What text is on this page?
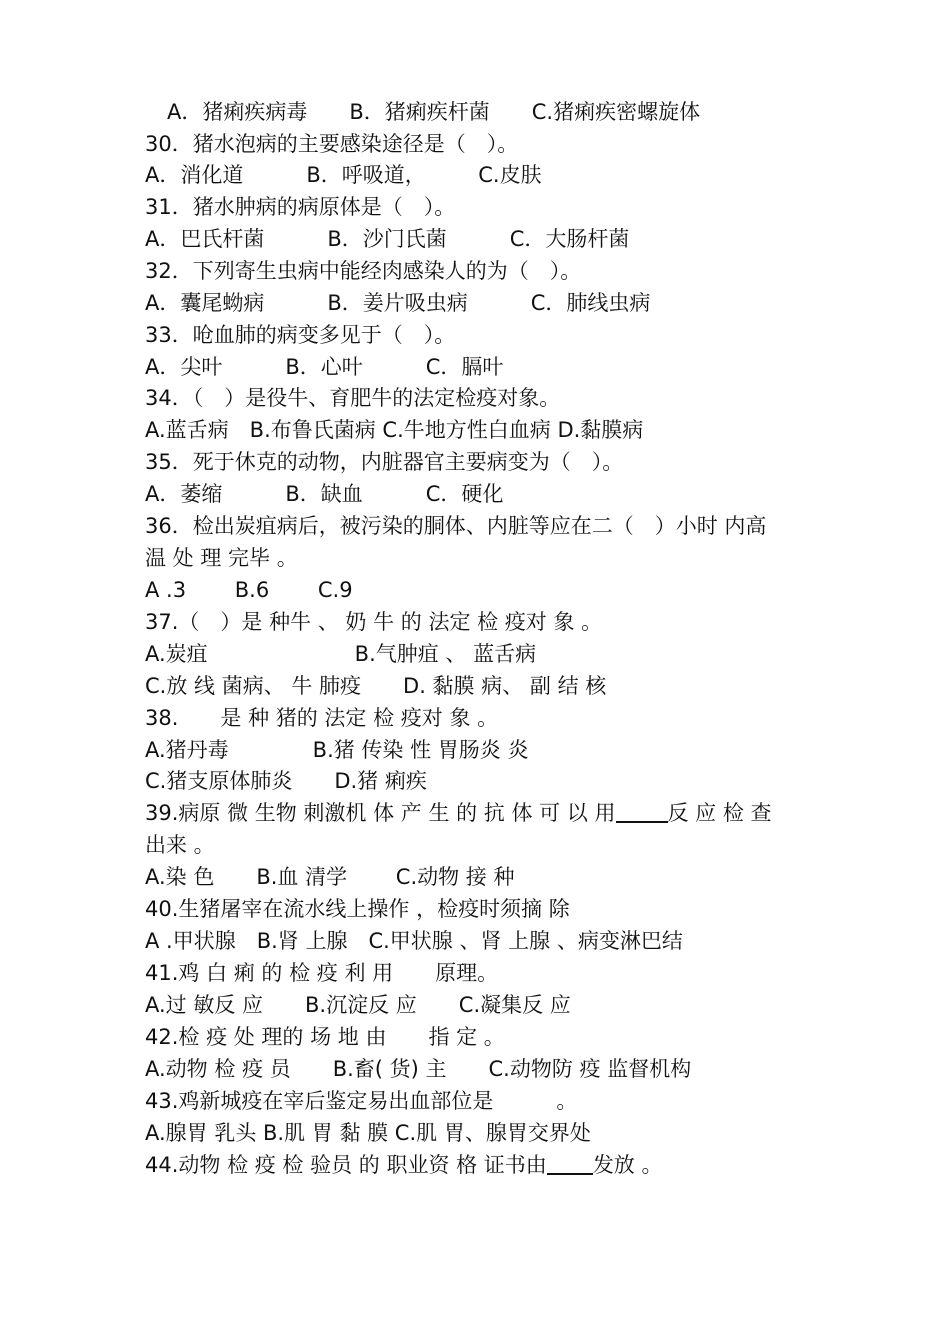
A．猪痢疾病毒　　B．猪痢疾杆菌　　C.猪痢疾密螺旋体
30．猪水泡病的主要感染途径是（　）。
A．消化道　　　B．呼吸道，　　　C.皮肤
31．猪水肿病的病原体是（　）。
A．巴氏杆菌　　　B．沙门氏菌　　　C．大肠杆菌
32．下列寄生虫病中能经肉感染人的为（　）。
A．囊尾蚴病　　　B．姜片吸虫病　　　C．肺线虫病
33．呛血肺的病变多见于（　）。
A．尖叶　　　B．心叶　　　C．膈叶
34．（　）是役牛、育肥牛的法定检疫对象。
A.蓝舌病　B.布鲁氏菌病 C.牛地方性白血病 D.黏膜病
35．死于休克的动物，内脏器官主要病变为（　）。
A．萎缩　　　B．缺血　　　C．硬化
36．检出炭疽病后，被污染的胴体、内脏等应在二（　）小时 内高
温 处 理 完毕 。
A .3　　 B.6　　 C.9
37.（　）是 种牛 、 奶 牛 的 法定 检 疫对 象 。
A.炭疽　　　　　　　B.气肿疽 、 蓝舌病
C.放 线 菌病、 牛 肺疫　　D. 黏膜 病、 副 结 核
38.　　是 种 猪的 法定 检 疫对 象 。
A.猪丹毒　　　　B.猪 传染 性 胃肠炎 炎
C.猪支原体肺炎　　D.猪 痢疾
39.病原 微 生物 刺激机 体 产 生 的 抗 体 可 以 用 反 应 检 查
出来 。
A.染 色　　B.血 清学　　 C.动物 接 种
40.生猪屠宰在流水线上操作 ，检疫时须摘 除
A .甲状腺　B.肾 上腺　C.甲状腺 、肾 上腺 、病变淋巴结
41.鸡 白 痢 的 检 疫 利 用　　原理。
A.过 敏反 应　　B.沉淀反 应　　C.凝集反 应
42.检 疫 处 理的 场 地 由　　指 定 。
A.动物 检 疫 员　　B.畜( 货) 主　　C.动物防 疫 监督机构
43.鸡新城疫在宰后鉴定易出血部位是　　　。
A.腺胃 乳头 B.肌 胃 黏 膜 C.肌 胃、腺胃交界处
44.动物 检 疫 检 验员 的 职业资 格 证书由 发放 。
